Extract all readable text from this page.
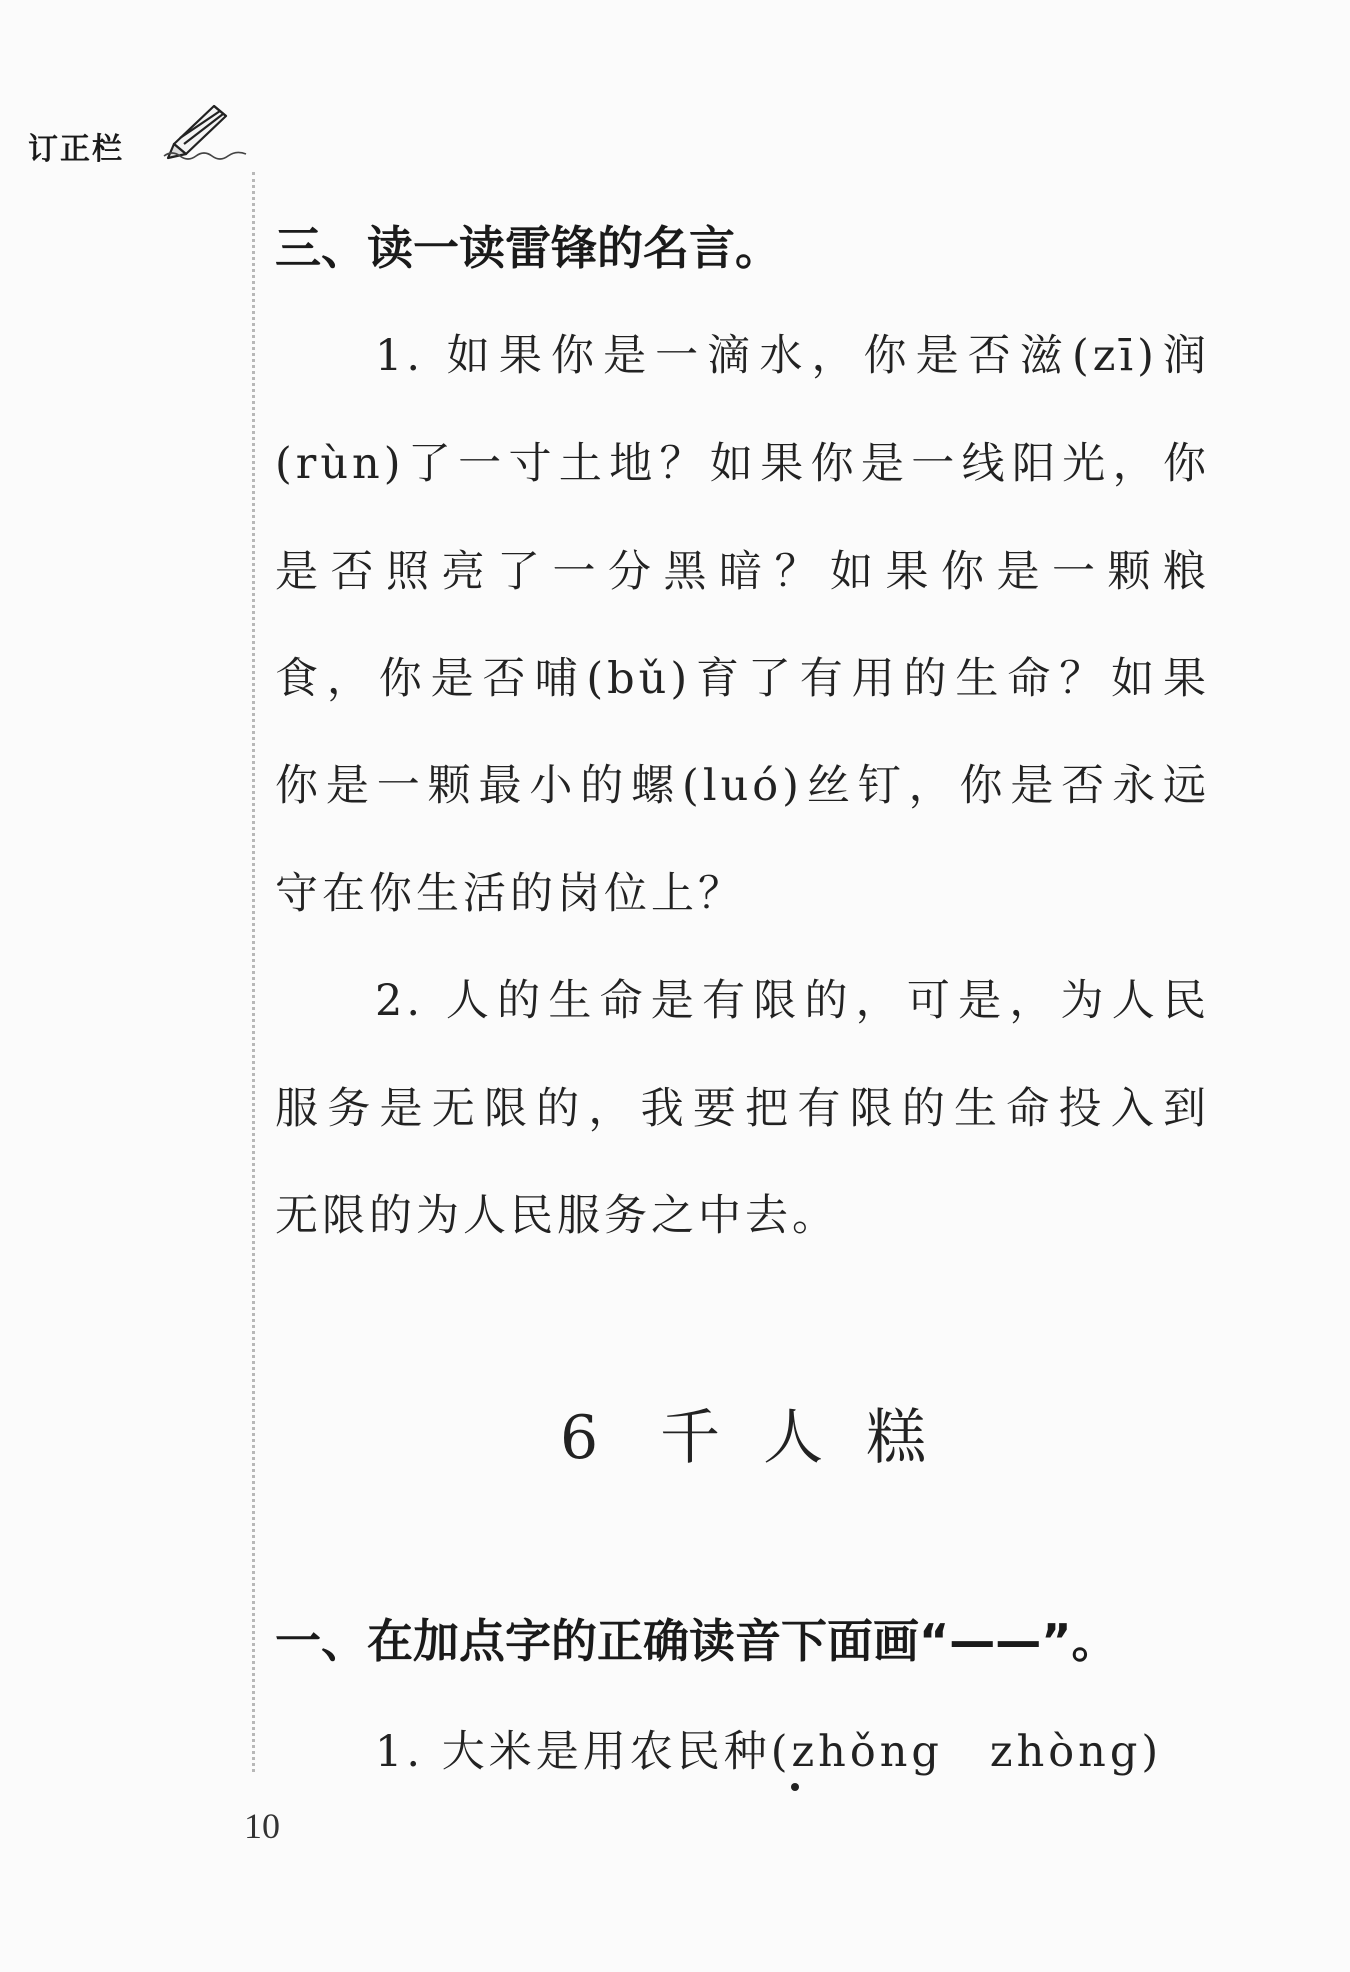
订正栏
三、读一读雷锋的名言。
1. 如果你是一滴水，你是否滋(zī)润
(rùn)了一寸土地？如果你是一线阳光，你
是否照亮了一分黑暗？如果你是一颗粮
食，你是否哺(bǔ)育了有用的生命？如果
你是一颗最小的螺(luó)丝钉，你是否永远
守在你生活的岗位上？
2. 人的生命是有限的，可是，为人民
服务是无限的，我要把有限的生命投入到
无限的为人民服务之中去。
6 千 人 糕
一、在加点字的正确读音下面画“——”。
1. 大米是用农民种(zhǒng　zhòng)
10
